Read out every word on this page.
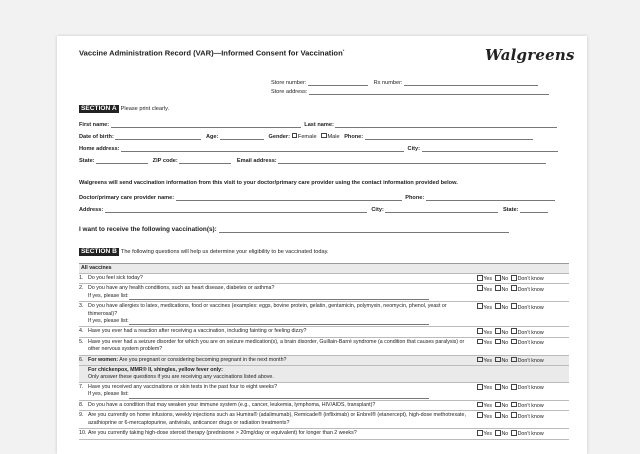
Vaccine Administration Record (VAR)—Informed Consent for Vaccination*	Walgreens
Store number:	Rx number:
Store address:
SECTION A Please print clearly.
First name:	Last name:
Date of birth:	Age:	Gender: Female Male Phone:
Home address:	City:
State:	ZIP code:	Email address:
Walgreens will send vaccination information from this visit to your doctor/primary care provider using the contact information provided below.
Doctor/primary care provider name:	Phone:
Address:	City:	State:
I want to receive the following vaccination(s):
SECTION B The following questions will help us determine your eligibility to be vaccinated today.
All vaccines
1. Do you feel sick today?	Yes No Don't know
2. Do you have any health conditions, such as heart disease, diabetes or asthma?
If yes, please list:
Yes No Don't know
3. Do you have allergies to latex, medications, food or vaccines (examples: eggs, bovine protein, gelatin, gentamicin, polymyxin, neomycin, phenol, yeast or thimerosal)?
If yes, please list:
Yes No Don't know
4. Have you ever had a reaction after receiving a vaccination, including fainting or feeling dizzy?	Yes No Don't know
5. Have you ever had a seizure disorder for which you are on seizure medication(s), a brain disorder, Guillain-Barré syndrome (a condition that causes paralysis) or other nervous system problem?
Yes No Don't know
6. For women: Are you pregnant or considering becoming pregnant in the next month?	Yes No Don't know
For chickenpox, MMR® II, shingles, yellow fever only:
Only answer these questions if you are receiving any vaccinations listed above.
7. Have you received any vaccinations or skin tests in the past four to eight weeks?
If yes, please list:
Yes No Don't know
8. Do you have a condition that may weaken your immune system (e.g., cancer, leukemia, lymphoma, HIV/AIDS, transplant)?	Yes No Don't know
9. Are you currently on home infusions, weekly injections such as Humira® (adalimumab), Remicade® (infliximab) or Enbrel® (etanercept), high-dose methotrexate, azathioprine or 6-mercaptopurine, antivirals, anticancer drugs or radiation treatments?
Yes No Don't know
10. Are you currently taking high-dose steroid therapy (prednisone > 20mg/day or equivalent) for longer than 2 weeks?	Yes No Don't know
